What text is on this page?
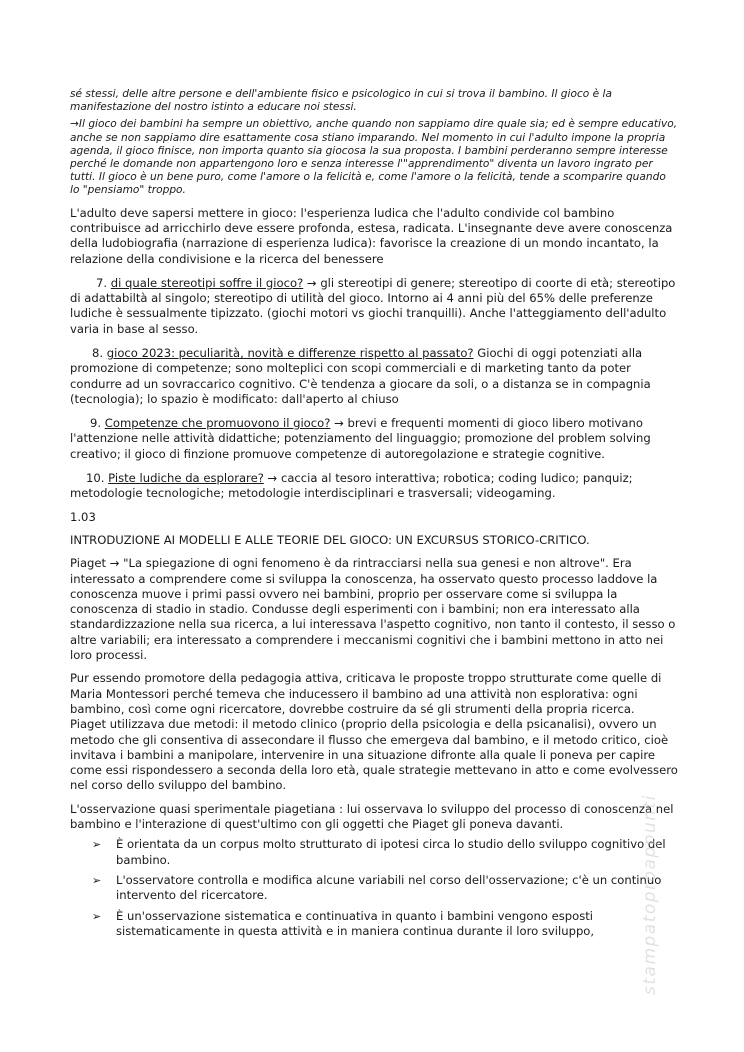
sé stessi, delle altre persone e dell'ambiente fisico e psicologico in cui si trova il bambino. Il gioco è la manifestazione del nostro istinto a educare noi stessi.

→Il gioco dei bambini ha sempre un obiettivo, anche quando non sappiamo dire quale sia; ed è sempre educativo, anche se non sappiamo dire esattamente cosa stiano imparando. Nel momento in cui l'adulto impone la propria agenda, il gioco finisce, non importa quanto sia giocosa la sua proposta. I bambini perderanno sempre interesse perché le domande non appartengono loro e senza interesse l'"apprendimento" diventa un lavoro ingrato per tutti. Il gioco è un bene puro, come l'amore o la felicità e, come l'amore o la felicità, tende a scomparire quando lo "pensiamo" troppo.

L'adulto deve sapersi mettere in gioco: l'esperienza ludica che l'adulto condivide col bambino contribuisce ad arricchirlo deve essere profonda, estesa, radicata. L'insegnante deve avere conoscenza della ludobiografia (narrazione di esperienza ludica): favorisce la creazione di un mondo incantato, la relazione della condivisione e la ricerca del benessere

7. di quale stereotipi soffre il gioco? → gli stereotipi di genere; stereotipo di coorte di età; stereotipo di adattabiltà al singolo; stereotipo di utilità del gioco. Intorno ai 4 anni più del 65% delle preferenze ludiche è sessualmente tipizzato. (giochi motori vs giochi tranquilli). Anche l'atteggiamento dell'adulto varia in base al sesso.

8. gioco 2023: peculiarità, novità e differenze rispetto al passato? Giochi di oggi potenziati alla promozione di competenze; sono molteplici con scopi commerciali e di marketing tanto da poter condurre ad un sovraccarico cognitivo. C'è tendenza a giocare da soli, o a distanza se in compagnia (tecnologia); lo spazio è modificato: dall'aperto al chiuso

9. Competenze che promuovono il gioco? → brevi e frequenti momenti di gioco libero motivano l'attenzione nelle attività didattiche; potenziamento del linguaggio; promozione del problem solving creativo; il gioco di finzione promuove competenze di autoregolazione e strategie cognitive.

10. Piste ludiche da esplorare? → caccia al tesoro interattiva; robotica; coding ludico; panquiz; metodologie tecnologiche; metodologie interdisciplinari e trasversali; videogaming.

1.03

INTRODUZIONE AI MODELLI E ALLE TEORIE DEL GIOCO: UN EXCURSUS STORICO-CRITICO.

Piaget → "La spiegazione di ogni fenomeno è da rintracciarsi nella sua genesi e non altrove". Era interessato a comprendere come si sviluppa la conoscenza, ha osservato questo processo laddove la conoscenza muove i primi passi ovvero nei bambini, proprio per osservare come si sviluppa la conoscenza di stadio in stadio. Condusse degli esperimenti con i bambini; non era interessato alla standardizzazione nella sua ricerca, a lui interessava l'aspetto cognitivo, non tanto il contesto, il sesso o altre variabili; era interessato a comprendere i meccanismi cognitivi che i bambini mettono in atto nei loro processi.

Pur essendo promotore della pedagogia attiva, criticava le proposte troppo strutturate come quelle di Maria Montessori perché temeva che inducessero il bambino ad una attività non esplorativa: ogni bambino, così come ogni ricercatore, dovrebbe costruire da sé gli strumenti della propria ricerca.

Piaget utilizzava due metodi: il metodo clinico (proprio della psicologia e della psicanalisi), ovvero un metodo che gli consentiva di assecondare il flusso che emergeva dal bambino, e il metodo critico, cioè invitava i bambini a manipolare, intervenire in una situazione difronte alla quale li poneva per capire come essi rispondessero a seconda della loro età, quale strategie mettevano in atto e come evolvessero nel corso dello sviluppo del bambino.

L'osservazione quasi sperimentale piagetiana : lui osservava lo sviluppo del processo di conoscenza nel bambino e l'interazione di quest'ultimo con gli oggetti che Piaget gli poneva davanti.

➢ È orientata da un corpus molto strutturato di ipotesi circa lo studio dello sviluppo cognitivo del bambino.
➢ L'osservatore controlla e modifica alcune variabili nel corso dell'osservazione; c'è un continuo intervento del ricercatore.
➢ È un'osservazione sistematica e continuativa in quanto i bambini vengono esposti sistematicamente in questa attività e in maniera continua durante il loro sviluppo,	stampatoproappunti
